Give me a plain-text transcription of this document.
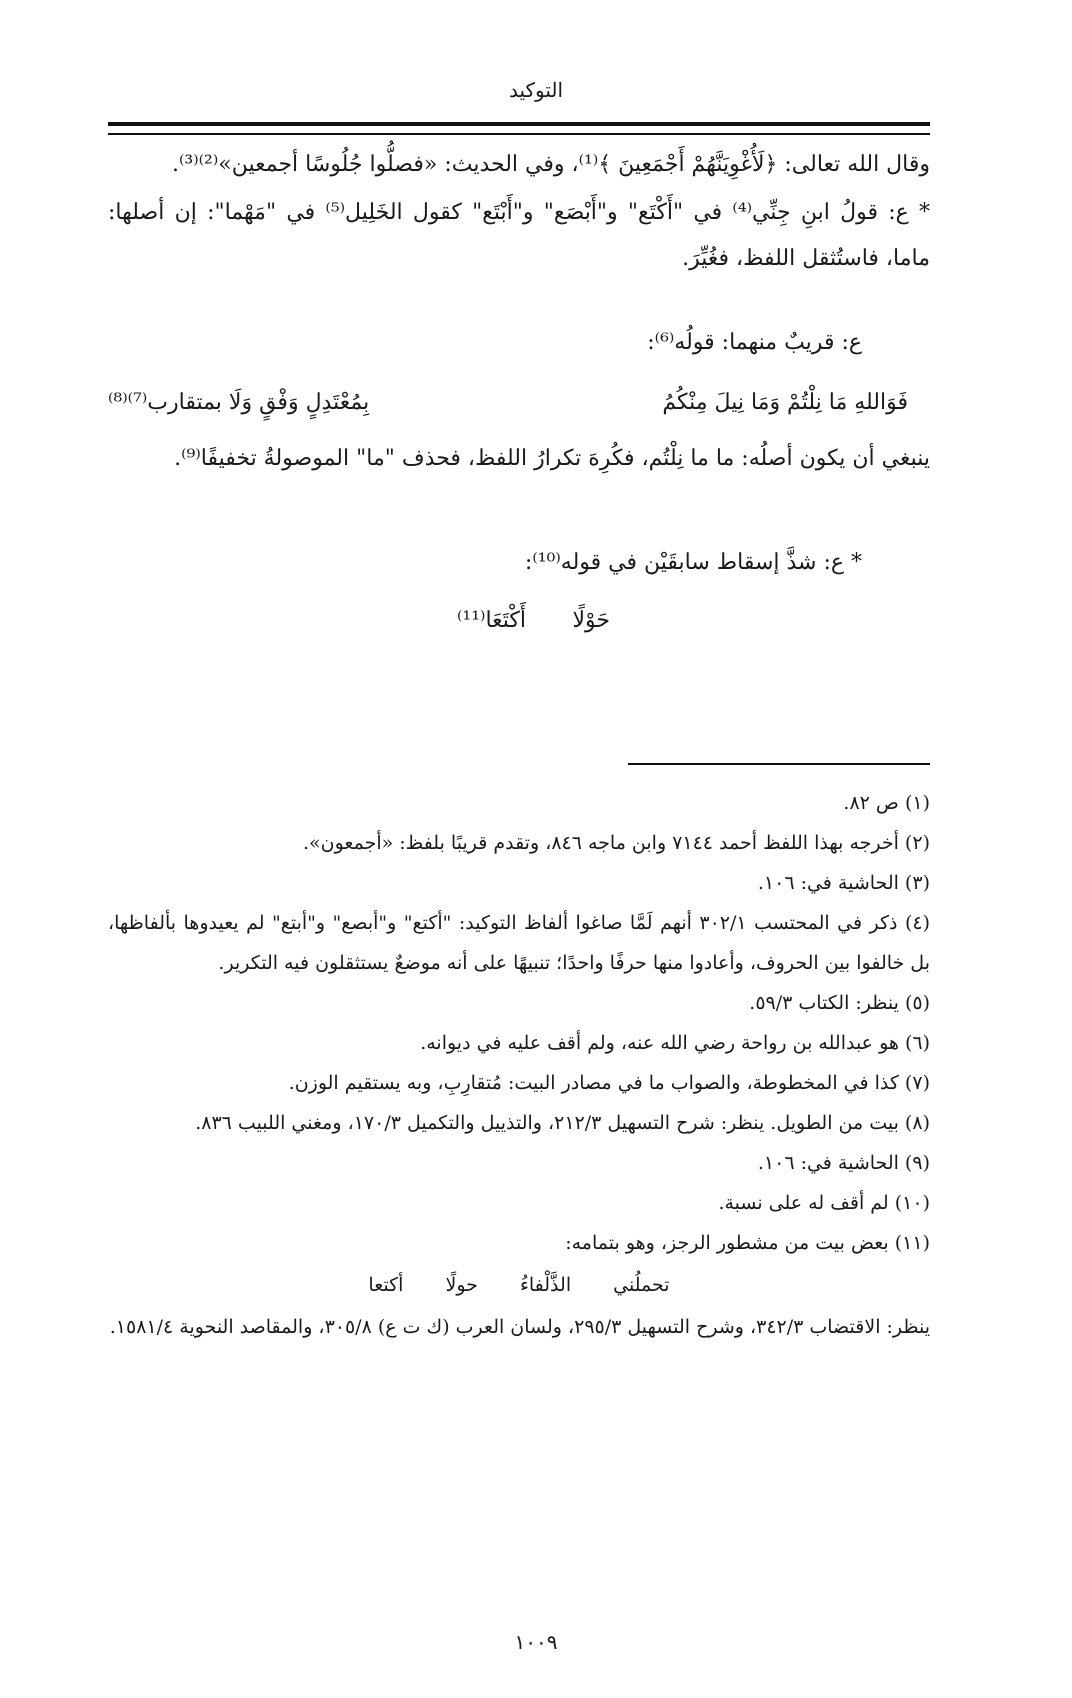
التوكيد
وقال الله تعالى: ﴿لَأُغْوِيَنَّهُمْ أَجْمَعِينَ ﴾⁽¹⁾، وفي الحديث: «فصلُّوا جُلُوسًا أجمعين»⁽²⁾⁽³⁾.
* ع: قولُ ابنِ جِنِّي⁽⁴⁾ في "أَكْتَع" و"أَبْصَع" و"أَبْتَع" كقول الخَلِيل⁽⁵⁾ في "مَهْما": إن أصلها: ماما، فاستُثقل اللفظ، فغُيِّرَ.
ع: قريبٌ منهما: قولُه⁽⁶⁾:
فَوَاللهِ مَا نِلْتُمْ وَمَا نِيلَ مِنْكُمُ
بِمُعْتَدِلٍ وَفْقٍ وَلَا بمتقارب⁽⁷⁾⁽⁸⁾
ينبغي أن يكون أصلُه: ما ما نِلْتُم، فكُرِهَ تكرارُ اللفظ، فحذف "ما" الموصولةُ تخفيفًا⁽⁹⁾.
* ع: شذَّ إسقاط سابقَيْن في قوله⁽¹⁰⁾:
حَوْلًا
أَكْتَعَا⁽¹¹⁾
(١) ص ٨٢.
(٢) أخرجه بهذا اللفظ أحمد ٧١٤٤ وابن ماجه ٨٤٦، وتقدم قريبًا بلفظ: «أجمعون».
(٣) الحاشية في: ١٠٦.
(٤) ذكر في المحتسب ٣٠٢/١ أنهم لَمَّا صاغوا ألفاظ التوكيد: "أكتع" و"أبصع" و"أبتع" لم يعيدوها بألفاظها، بل خالفوا بين الحروف، وأعادوا منها حرفًا واحدًا؛ تنبيهًا على أنه موضعٌ يستثقلون فيه التكرير.
(٥) ينظر: الكتاب ٥٩/٣.
(٦) هو عبدالله بن رواحة رضي الله عنه، ولم أقف عليه في ديوانه.
(٧) كذا في المخطوطة، والصواب ما في مصادر البيت: مُتقارِبِ، وبه يستقيم الوزن.
(٨) بيت من الطويل. ينظر: شرح التسهيل ٢١٢/٣، والتذييل والتكميل ١٧٠/٣، ومغني اللبيب ٨٣٦.
(٩) الحاشية في: ١٠٦.
(١٠) لم أقف له على نسبة.
(١١) بعض بيت من مشطور الرجز، وهو بتمامه:
تحملُني الذَّلْفاءُ حولًا أكتعا
ينظر: الاقتضاب ٣٤٢/٣، وشرح التسهيل ٢٩٥/٣، ولسان العرب (ك ت ع) ٣٠٥/٨، والمقاصد النحوية ١٥٨١/٤.
١٠٠٩
